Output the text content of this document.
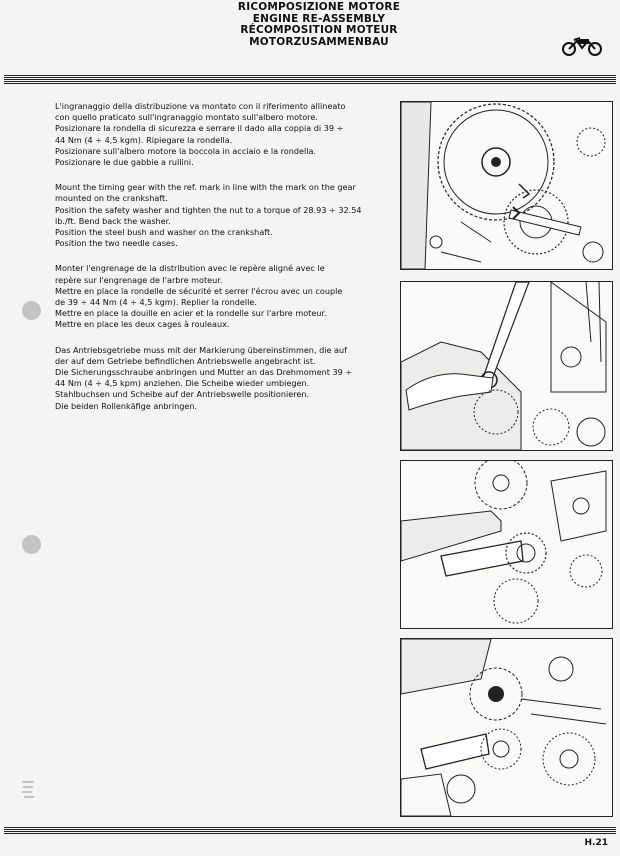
RICOMPOSIZIONE MOTORE
ENGINE RE-ASSEMBLY
RÉCOMPOSITION MOTEUR
MOTORZUSAMMENBAU
L'ingranaggio della distribuzione va montato con il riferimento allineato
con quello praticato sull'ingranaggio montato sull'albero motore.
Posizionare la rondella di sicurezza e serrare il dado alla coppia di 39 ÷
44 Nm (4 ÷ 4,5 kgm). Ripiegare la rondella.
Posizionare sull'albero motore la boccola in acciaio e la rondella.
Posizionare le due gabbie a rullini.
Mount the timing gear with the ref. mark in line with the mark on the gear
mounted on the crankshaft.
Position the safety washer and tighten the nut to a torque of 28.93 ÷ 32.54
lb./ft. Bend back the washer.
Position the steel bush and washer on the crankshaft.
Position the two needle cases.
Monter l'engrenage de la distribution avec le repère aligné avec le
repère sur l'engrenage de l'arbre moteur.
Mettre en place la rondelle de sécurité et serrer l'écrou avec un couple
de 39 ÷ 44 Nm (4 ÷ 4,5 kgm). Replier la rondelle.
Mettre en place la douille en acier et la rondelle sur l'arbre moteur.
Mettre en place les deux cages à rouleaux.
Das Antriebsgetriebe muss mit der Markierung übereinstimmen, die auf
der auf dem Getriebe befindlichen Antriebswelle angebracht ist.
Die Sicherungsschraube anbringen und Mutter an das Drehmoment 39 ÷
44 Nm (4 ÷ 4,5 kpm) anziehen. Die Scheibe wieder umbiegen.
Stahlbuchsen und Scheibe auf der Antriebswelle positionieren.
Die beiden Rollenkäfige anbringen.
H.21
